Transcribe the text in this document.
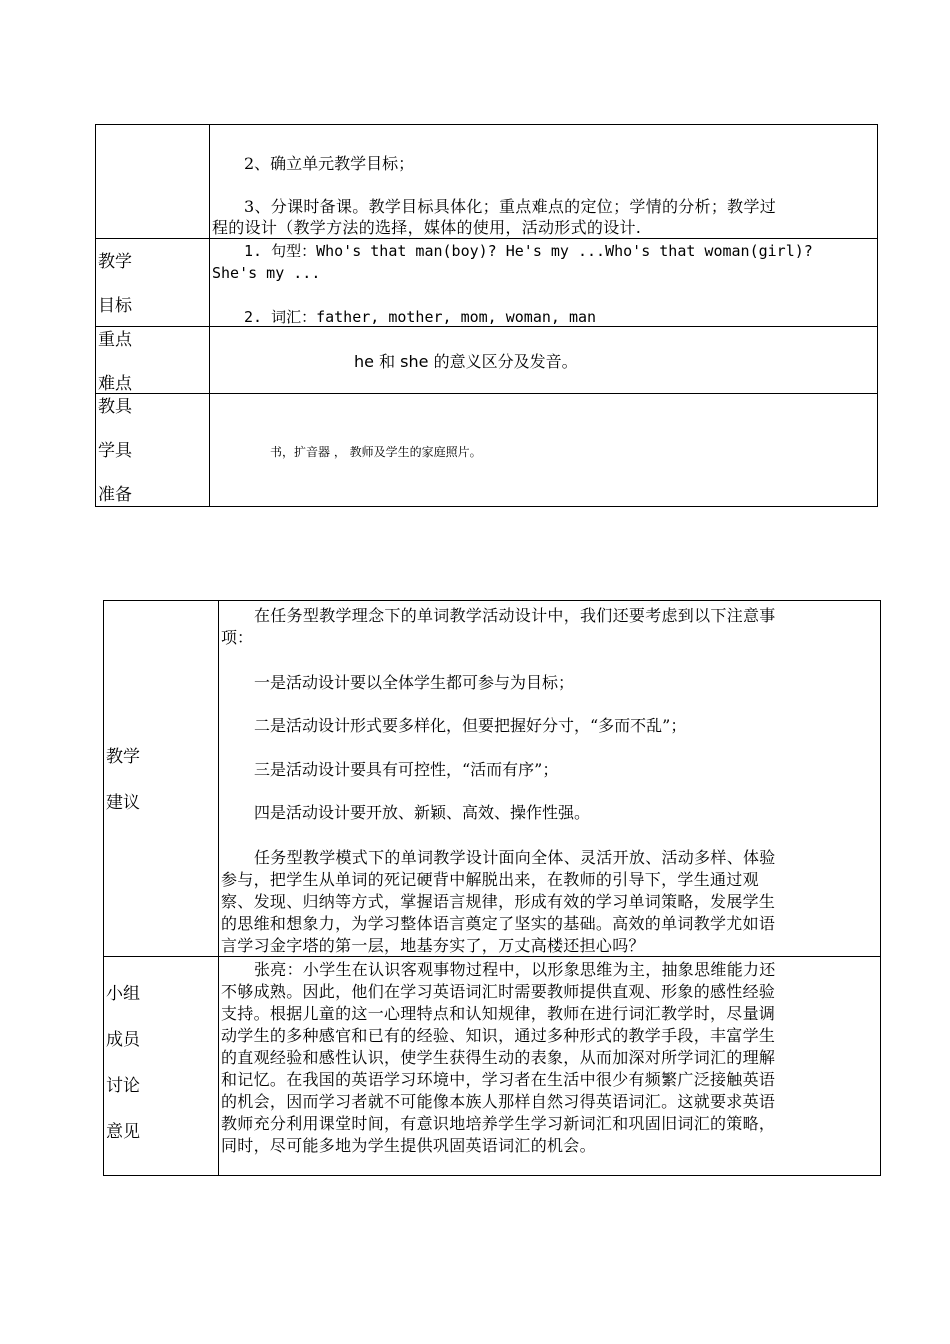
2、确立单元教学目标；
3、分课时备课。教学目标具体化；重点难点的定位；学情的分析；教学过
程的设计（教学方法的选择，媒体的使用，活动形式的设计.
教学
目标
1. 句型：Who's that man(boy)? He's my ...Who's that woman(girl)?
She's my ...
2. 词汇：father, mother, mom, woman, man
重点
难点
he 和 she 的意义区分及发音。
教具
学具
准备
书，扩音器 ， 教师及学生的家庭照片。
教学
建议
在任务型教学理念下的单词教学活动设计中，我们还要考虑到以下注意事
项：
一是活动设计要以全体学生都可参与为目标；
二是活动设计形式要多样化，但要把握好分寸，“多而不乱”；
三是活动设计要具有可控性，“活而有序”；
四是活动设计要开放、新颖、高效、操作性强。
任务型教学模式下的单词教学设计面向全体、灵活开放、活动多样、体验
参与，把学生从单词的死记硬背中解脱出来，在教师的引导下，学生通过观
察、发现、归纳等方式，掌握语言规律，形成有效的学习单词策略，发展学生
的思维和想象力，为学习整体语言奠定了坚实的基础。高效的单词教学尤如语
言学习金字塔的第一层，地基夯实了，万丈高楼还担心吗？
小组
成员
讨论
意见
张亮：小学生在认识客观事物过程中，以形象思维为主，抽象思维能力还
不够成熟。因此，他们在学习英语词汇时需要教师提供直观、形象的感性经验
支持。根据儿童的这一心理特点和认知规律，教师在进行词汇教学时，尽量调
动学生的多种感官和已有的经验、知识，通过多种形式的教学手段，丰富学生
的直观经验和感性认识，使学生获得生动的表象，从而加深对所学词汇的理解
和记忆。在我国的英语学习环境中，学习者在生活中很少有频繁广泛接触英语
的机会，因而学习者就不可能像本族人那样自然习得英语词汇。这就要求英语
教师充分利用课堂时间，有意识地培养学生学习新词汇和巩固旧词汇的策略，
同时，尽可能多地为学生提供巩固英语词汇的机会。
